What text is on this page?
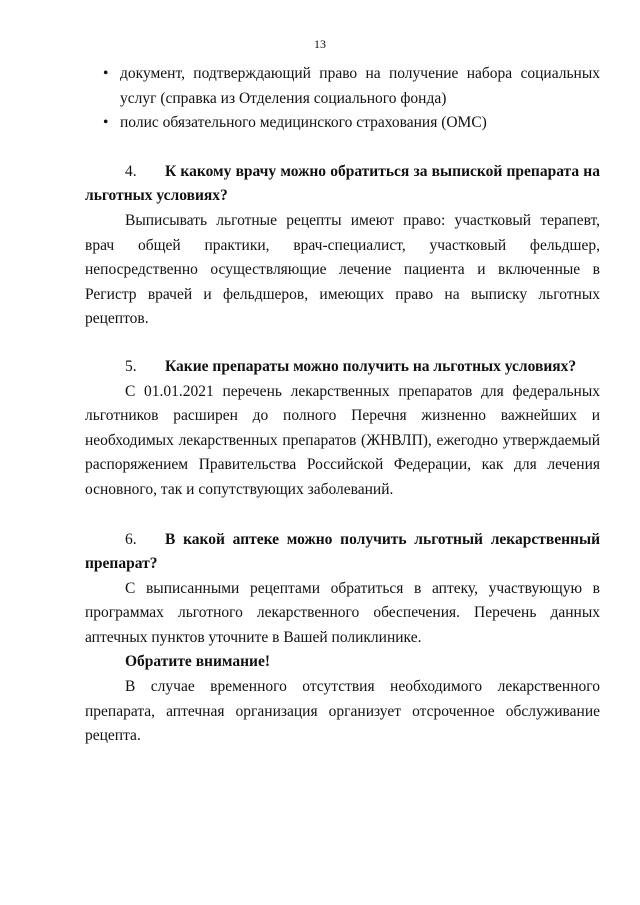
13
• документ, подтверждающий право на получение набора социальных услуг (справка из Отделения социального фонда)
• полис обязательного медицинского страхования (ОМС)

4. К какому врачу можно обратиться за выпиской препарата на льготных условиях?

Выписывать льготные рецепты имеют право: участковый терапевт, врач общей практики, врач-специалист, участковый фельдшер, непосредственно осуществляющие лечение пациента и включенные в Регистр врачей и фельдшеров, имеющих право на выписку льготных рецептов.

5. Какие препараты можно получить на льготных условиях?

С 01.01.2021 перечень лекарственных препаратов для федеральных льготников расширен до полного Перечня жизненно важнейших и необходимых лекарственных препаратов (ЖНВЛП), ежегодно утверждаемый распоряжением Правительства Российской Федерации, как для лечения основного, так и сопутствующих заболеваний.

6. В какой аптеке можно получить льготный лекарственный препарат?

С выписанными рецептами обратиться в аптеку, участвующую в программах льготного лекарственного обеспечения. Перечень данных аптечных пунктов уточните в Вашей поликлинике.

Обратите внимание!

В случае временного отсутствия необходимого лекарственного препарата, аптечная организация организует отсроченное обслуживание рецепта.
